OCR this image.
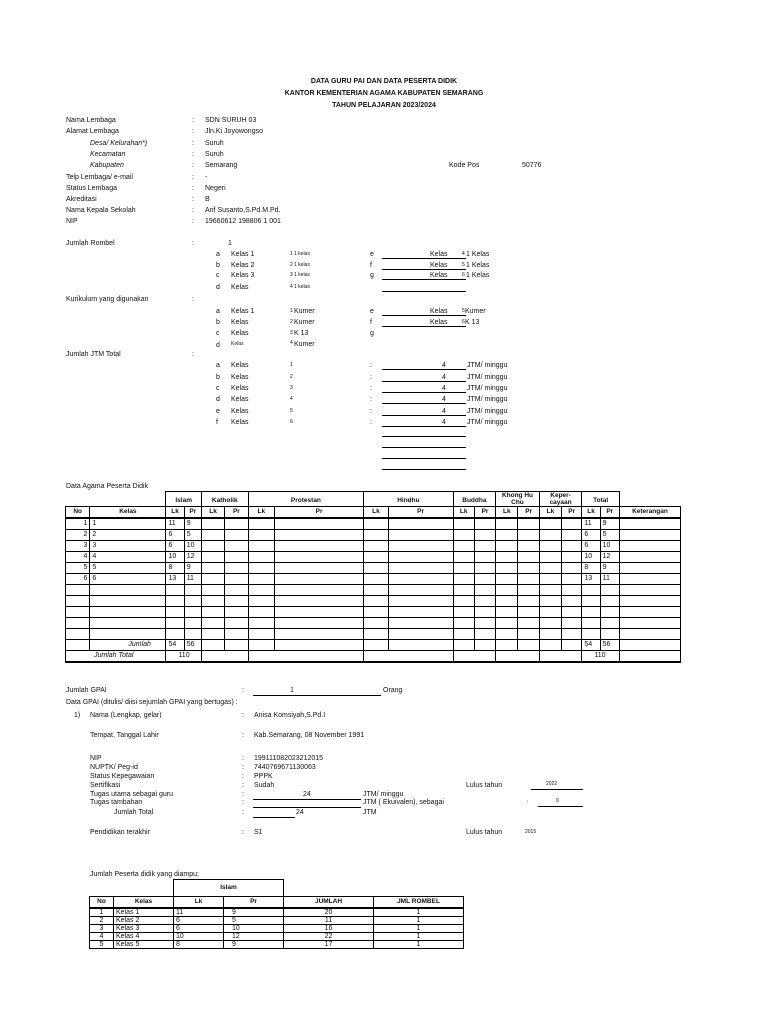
DATA GURU PAI DAN DATA PESERTA DIDIK
KANTOR KEMENTERIAN AGAMA KABUPATEN SEMARANG
TAHUN PELAJARAN 2023/2024
Nama Lembaga	: SDN SURUH 03
Alamat Lembaga	: Jln.Ki Joyowongso
Desa/ Kelurahan*)	: Suruh
Kecamatan	: Suruh
Kabupaten	: Semarang	Kode Pos	50776
Telp Lembaga/ e-mail	: -
Status Lembaga	: Negeri
Akreditasi	: B
Nama Kepala Sekolah	: Arif Susanto,S.Pd.M.Pd.
NIP	: 19660612 198806 1 001
Jumlah Rombel	:	1
a Kelas 1	1 1 kelas
b Kelas 2	2 1 kelas
c Kelas 3	3 1 kelas
d Kelas	4 1 kelas
e	Kelas	4 1 Kelas
f	Kelas	5 1 Kelas
g	Kelas	6 1 Kelas
Kurikulum yang digunakan	:
a Kelas 1	1 Kumer
b Kelas	2 Kumer
c Kelas	3 K 13
d Kelas	4 Kumer
e	Kelas	5 Kumer
f	Kelas	6 K 13
g
Jumlah JTM Total	:
a Kelas	1	:	4	JTM/ minggu
b Kelas	2	:	4	JTM/ minggu
c Kelas	3	:	4	JTM/ minggu
d Kelas	4	:	4	JTM/ minggu
e Kelas	5	:	4	JTM/ minggu
f Kelas	6	:	4	JTM/ minggu
Data Agama Peserta Didik
		Islam		Katholik		Protestan		Hindhu		Buddha		Khong Hu
Chu		Keper-
cayaan		Total		

No	Kelas	Lk	Pr	Lk	Pr	Lk	Pr	Lk	Pr	Lk	Pr	Lk	Pr	Lk	Pr	Lk	Pr	Keterangan
1	1	11	9													11	9	
2	2	6	5													6	5	
3	3	6	10													6	10	
4	4	10	12													10	12	
5	5	8	9													8	9	
6	6	13	11													13	11	

	Jumlah	54	56													54	56	
Jumlah Total		110														110		
Jumlah GPAI	:	1	Orang
Data GPAI (ditulis/ diisi sejumlah GPAI yang bertugas) :
1) Nama (Lengkap, gelar)	: Anisa Komsiyah,S.Pd.I
Tempat, Tanggal Lahir	: Kab.Semarang, 08 November 1991
NIP	: 199111082023212015
NUPTK/ Peg-id	: 7440769671130063
Status Kepegawaian	: PPPK
Sertifikasi	: Sudah	Lulus tahun	2022
Tugas utama sebagai guru	:	24	JTM/ minggu
Tugas tambahan	:	JTM ( Ekuivalen), sebagai	:	0
Jumlah Total	:	24	JTM
Pendidikan terakhir	: S1	Lulus tahun	2015
Jumlah Peserta didik yang diampu;
		Islam			
No	Kelas	Lk	Pr	JUMLAH	JML ROMBEL
1	Kelas 1	11	9	20	1
2	Kelas 2	6	5	11	1
3	Kelas 3	6	10	16	1
4	Kelas 4	10	12	22	1
5	Kelas 5	8	9	17	1
